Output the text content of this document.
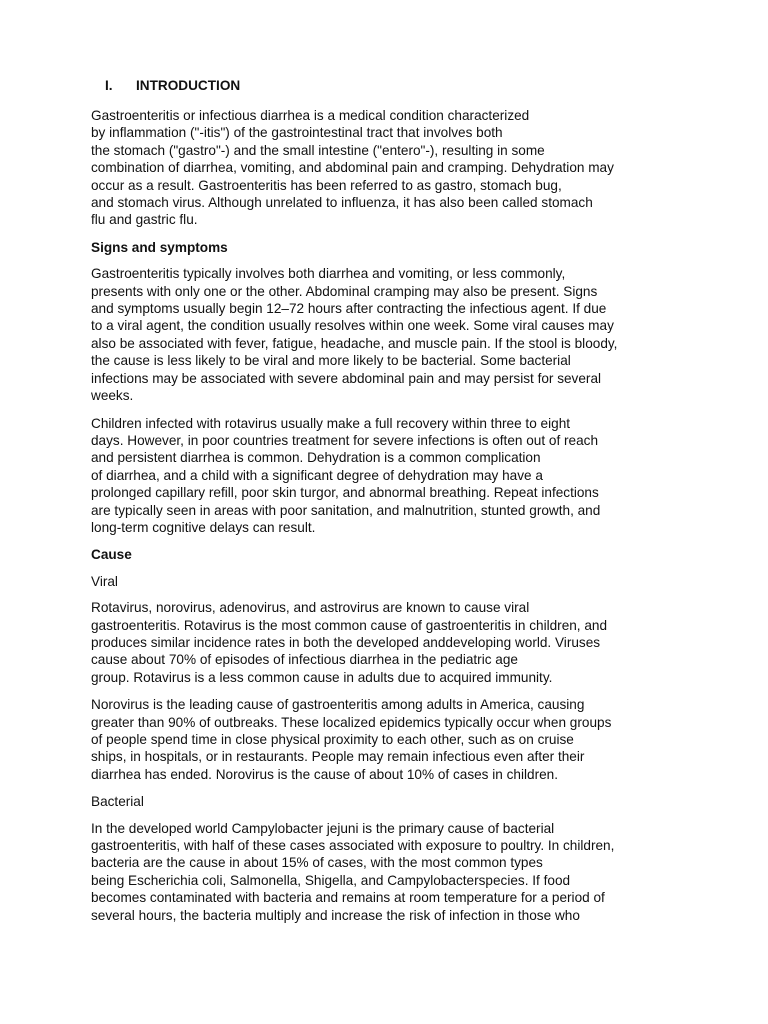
I.	INTRODUCTION

Gastroenteritis or infectious diarrhea is a medical condition characterized
by inflammation ("-itis") of the gastrointestinal tract that involves both
the stomach ("gastro"-) and the small intestine ("entero"-), resulting in some
combination of diarrhea, vomiting, and abdominal pain and cramping. Dehydration may
occur as a result. Gastroenteritis has been referred to as gastro, stomach bug,
and stomach virus. Although unrelated to influenza, it has also been called stomach
flu and gastric flu.

Signs and symptoms

Gastroenteritis typically involves both diarrhea and vomiting, or less commonly,
presents with only one or the other. Abdominal cramping may also be present. Signs
and symptoms usually begin 12–72 hours after contracting the infectious agent. If due
to a viral agent, the condition usually resolves within one week. Some viral causes may
also be associated with fever, fatigue, headache, and muscle pain. If the stool is bloody,
the cause is less likely to be viral and more likely to be bacterial. Some bacterial
infections may be associated with severe abdominal pain and may persist for several
weeks.

Children infected with rotavirus usually make a full recovery within three to eight
days. However, in poor countries treatment for severe infections is often out of reach
and persistent diarrhea is common. Dehydration is a common complication
of diarrhea, and a child with a significant degree of dehydration may have a
prolonged capillary refill, poor skin turgor, and abnormal breathing. Repeat infections
are typically seen in areas with poor sanitation, and malnutrition, stunted growth, and
long-term cognitive delays can result.

Cause
Viral

Rotavirus, norovirus, adenovirus, and astrovirus are known to cause viral
gastroenteritis. Rotavirus is the most common cause of gastroenteritis in children, and
produces similar incidence rates in both the developed anddeveloping world. Viruses
cause about 70% of episodes of infectious diarrhea in the pediatric age
group. Rotavirus is a less common cause in adults due to acquired immunity.

Norovirus is the leading cause of gastroenteritis among adults in America, causing
greater than 90% of outbreaks. These localized epidemics typically occur when groups
of people spend time in close physical proximity to each other, such as on cruise
ships, in hospitals, or in restaurants. People may remain infectious even after their
diarrhea has ended. Norovirus is the cause of about 10% of cases in children.

Bacterial

In the developed world Campylobacter jejuni is the primary cause of bacterial
gastroenteritis, with half of these cases associated with exposure to poultry. In children,
bacteria are the cause in about 15% of cases, with the most common types
being Escherichia coli, Salmonella, Shigella, and Campylobacterspecies. If food
becomes contaminated with bacteria and remains at room temperature for a period of
several hours, the bacteria multiply and increase the risk of infection in those who
